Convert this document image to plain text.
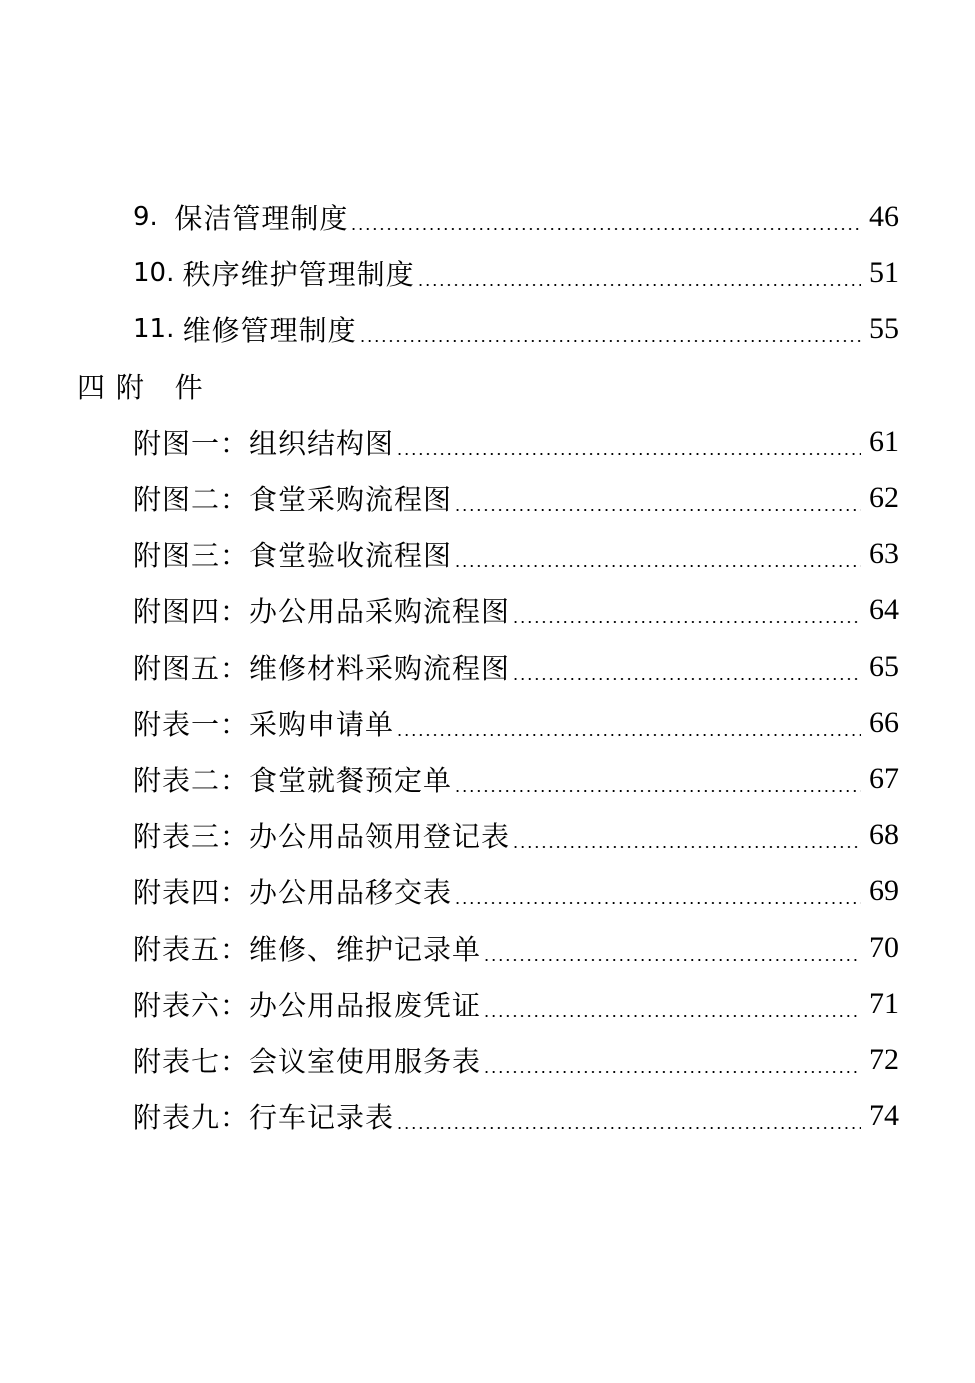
9. 保洁管理制度	46
10. 秩序维护管理制度	51
11. 维修管理制度	55
四 附   件
附图一： 组织结构图	61
附图二： 食堂采购流程图	62
附图三： 食堂验收流程图	63
附图四： 办公用品采购流程图	64
附图五： 维修材料采购流程图	65
附表一： 采购申请单	66
附表二： 食堂就餐预定单	67
附表三： 办公用品领用登记表	68
附表四： 办公用品移交表	69
附表五： 维修、维护记录单	70
附表六： 办公用品报废凭证	71
附表七： 会议室使用服务表	72
附表九： 行车记录表	74
